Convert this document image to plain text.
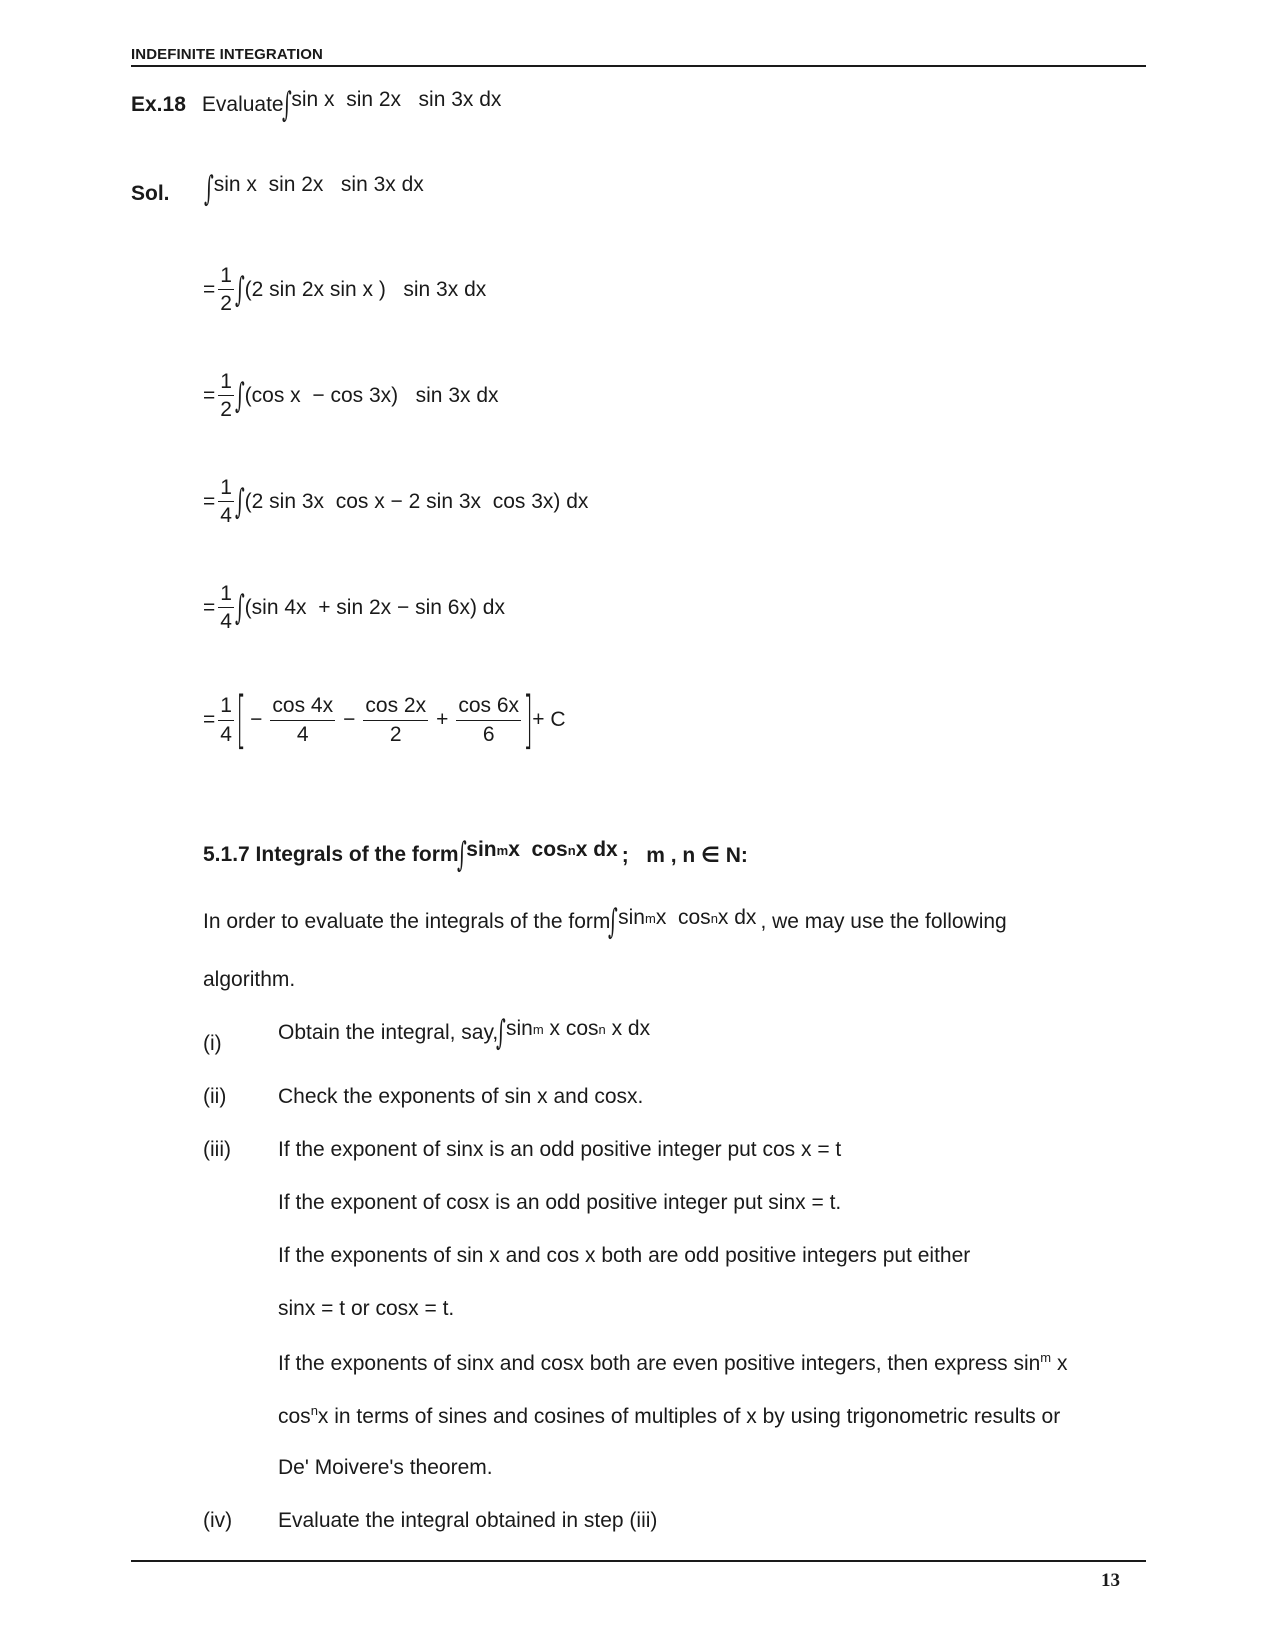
INDEFINITE INTEGRATION
Ex.18 Evaluate
∫ sin x  sin 2x   sin 3x dx
Sol. ∫ sin x  sin 2x   sin 3x dx
= $\frac{1}{2}$ ∫ (2 sin 2x sin x )   sin 3x dx
= $\frac{1}{2}$ ∫ (cos x  − cos 3x)   sin 3x dx
= $\frac{1}{4}$ ∫ (2 sin 3x  cos x − 2 sin 3x  cos 3x) dx
= $\frac{1}{4}$ ∫ (sin 4x  + sin 2x − sin 6x) dx
= $\frac{1}{4}$ [ − $\frac{\cos 4x}{4} - \frac{\cos 2x}{2} + \frac{\cos 6x}{6}$ ] + C
5.1.7 Integrals of the form
∫ sin m x  cos n x dx ;   m , n ∈ N:
In order to evaluate the integrals of the form
∫ sin m x  cos n x dx , we may use the following
algorithm.
(i)	Obtain the integral, say,
∫ sin m x cos n x dx
(ii) Check the exponents of sin x and cosx.
(iii) If the exponent of sinx is an odd positive integer put cos x = t
If the exponent of cosx is an odd positive integer put sinx = t.
If the exponents of sin x and cos x both are odd positive integers put either
sinx = t or cosx = t.
If the exponents of sinx and cosx both are even positive integers, then express $\sin^m x$
$\cos^nx$ in terms of sines and cosines of multiples of x by using trigonometric results or
De' Moivere's theorem.
(iv) Evaluate the integral obtained in step (iii)
13
